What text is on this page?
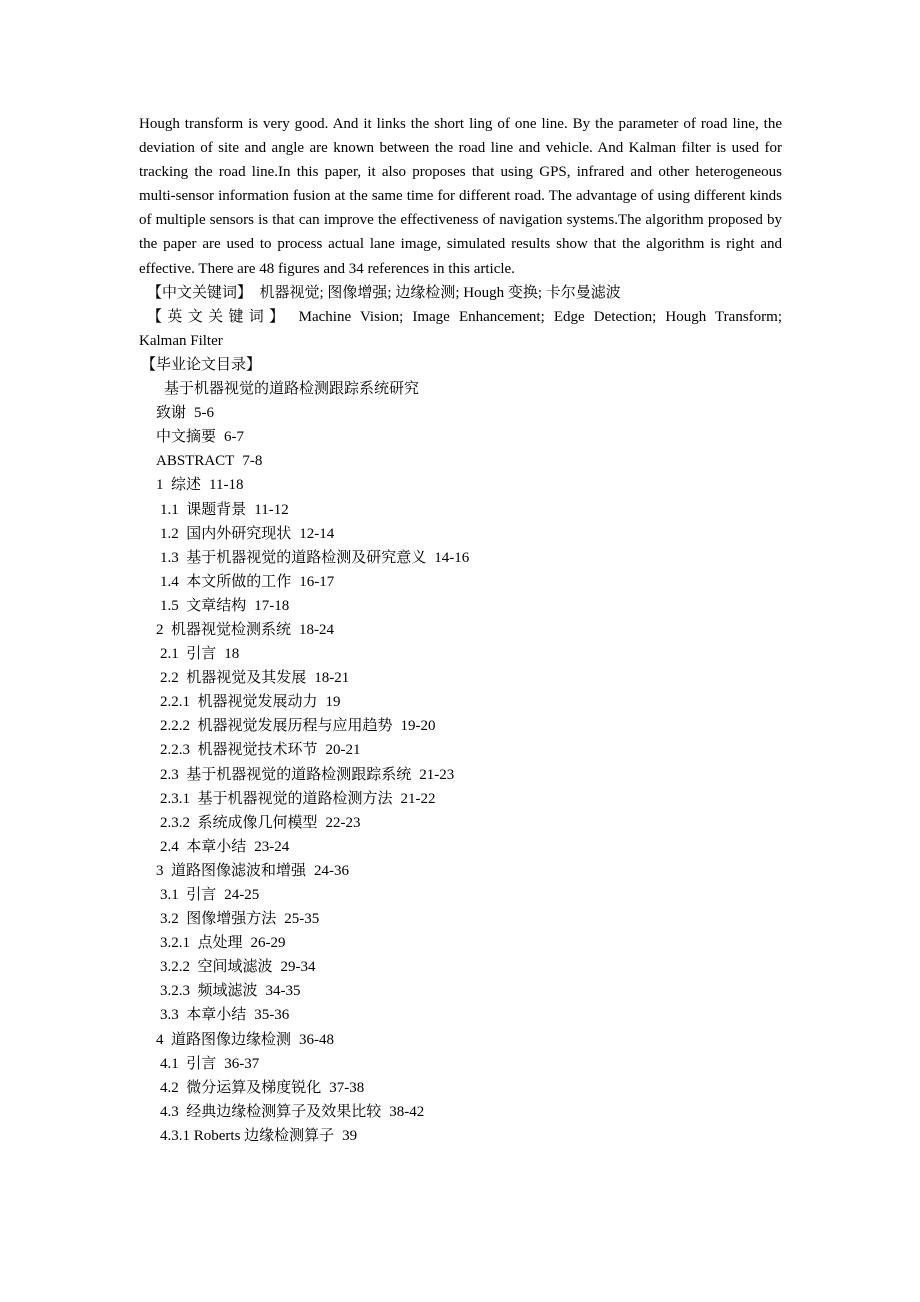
Hough transform is very good. And it links the short ling of one line. By the parameter of road line, the deviation of site and angle are known between the road line and vehicle. And Kalman filter is used for tracking the road line.In this paper, it also proposes that using GPS, infrared and other heterogeneous multi-sensor information fusion at the same time for different road. The advantage of using different kinds of multiple sensors is that can improve the effectiveness of navigation systems.The algorithm proposed by the paper are used to process actual lane image, simulated results show that the algorithm is right and effective. There are 48 figures and 34 references in this article.

【中文关键词】 机器视觉; 图像增强; 边缘检测; Hough 变换; 卡尔曼滤波
【英文关键词】 Machine Vision; Image Enhancement; Edge Detection; Hough Transform;
Kalman Filter
【毕业论文目录】
基于机器视觉的道路检测跟踪系统研究
致谢 5-6
中文摘要 6-7
ABSTRACT 7-8
1  综述 11-18
1.1  课题背景 11-12
1.2  国内外研究现状 12-14
1.3  基于机器视觉的道路检测及研究意义 14-16
1.4  本文所做的工作 16-17
1.5  文章结构 17-18
2  机器视觉检测系统 18-24
2.1  引言 18
2.2  机器视觉及其发展 18-21
2.2.1  机器视觉发展动力 19
2.2.2  机器视觉发展历程与应用趋势 19-20
2.2.3  机器视觉技术环节 20-21
2.3  基于机器视觉的道路检测跟踪系统 21-23
2.3.1  基于机器视觉的道路检测方法 21-22
2.3.2  系统成像几何模型 22-23
2.4  本章小结 23-24
3  道路图像滤波和增强 24-36
3.1  引言 24-25
3.2  图像增强方法 25-35
3.2.1  点处理 26-29
3.2.2  空间域滤波 29-34
3.2.3  频域滤波 34-35
3.3  本章小结 35-36
4  道路图像边缘检测 36-48
4.1  引言 36-37
4.2  微分运算及梯度锐化 37-38
4.3  经典边缘检测算子及效果比较 38-42
4.3.1 Roberts 边缘检测算子 39
